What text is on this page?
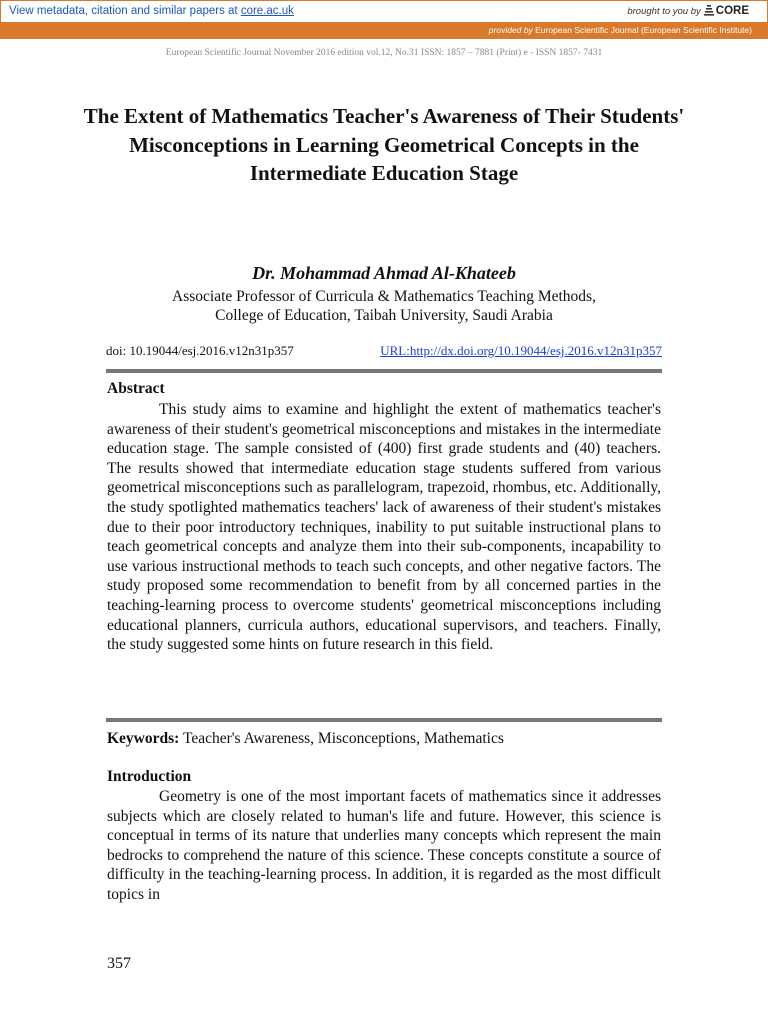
View metadata, citation and similar papers at core.ac.uk	brought to you by CORE
provided by European Scientific Journal (European Scientific Institute)
European Scientific Journal November 2016 edition vol.12, No.31 ISSN: 1857 – 7881 (Print) e - ISSN 1857- 7431
The Extent of Mathematics Teacher's Awareness of Their Students' Misconceptions in Learning Geometrical Concepts in the Intermediate Education Stage
Dr. Mohammad Ahmad Al-Khateeb
Associate Professor of Curricula & Mathematics Teaching Methods,
College of Education, Taibah University, Saudi Arabia
doi: 10.19044/esj.2016.v12n31p357	URL:http://dx.doi.org/10.19044/esj.2016.v12n31p357
Abstract
This study aims to examine and highlight the extent of mathematics teacher's awareness of their student's geometrical misconceptions and mistakes in the intermediate education stage. The sample consisted of (400) first grade students and (40) teachers. The results showed that intermediate education stage students suffered from various geometrical misconceptions such as parallelogram, trapezoid, rhombus, etc. Additionally, the study spotlighted mathematics teachers' lack of awareness of their student's mistakes due to their poor introductory techniques, inability to put suitable instructional plans to teach geometrical concepts and analyze them into their sub-components, incapability to use various instructional methods to teach such concepts, and other negative factors. The study proposed some recommendation to benefit from by all concerned parties in the teaching-learning process to overcome students' geometrical misconceptions including educational planners, curricula authors, educational supervisors, and teachers. Finally, the study suggested some hints on future research in this field.
Keywords: Teacher's Awareness, Misconceptions, Mathematics
Introduction
Geometry is one of the most important facets of mathematics since it addresses subjects which are closely related to human's life and future. However, this science is conceptual in terms of its nature that underlies many concepts which represent the main bedrocks to comprehend the nature of this science. These concepts constitute a source of difficulty in the teaching-learning process. In addition, it is regarded as the most difficult topics in
357
